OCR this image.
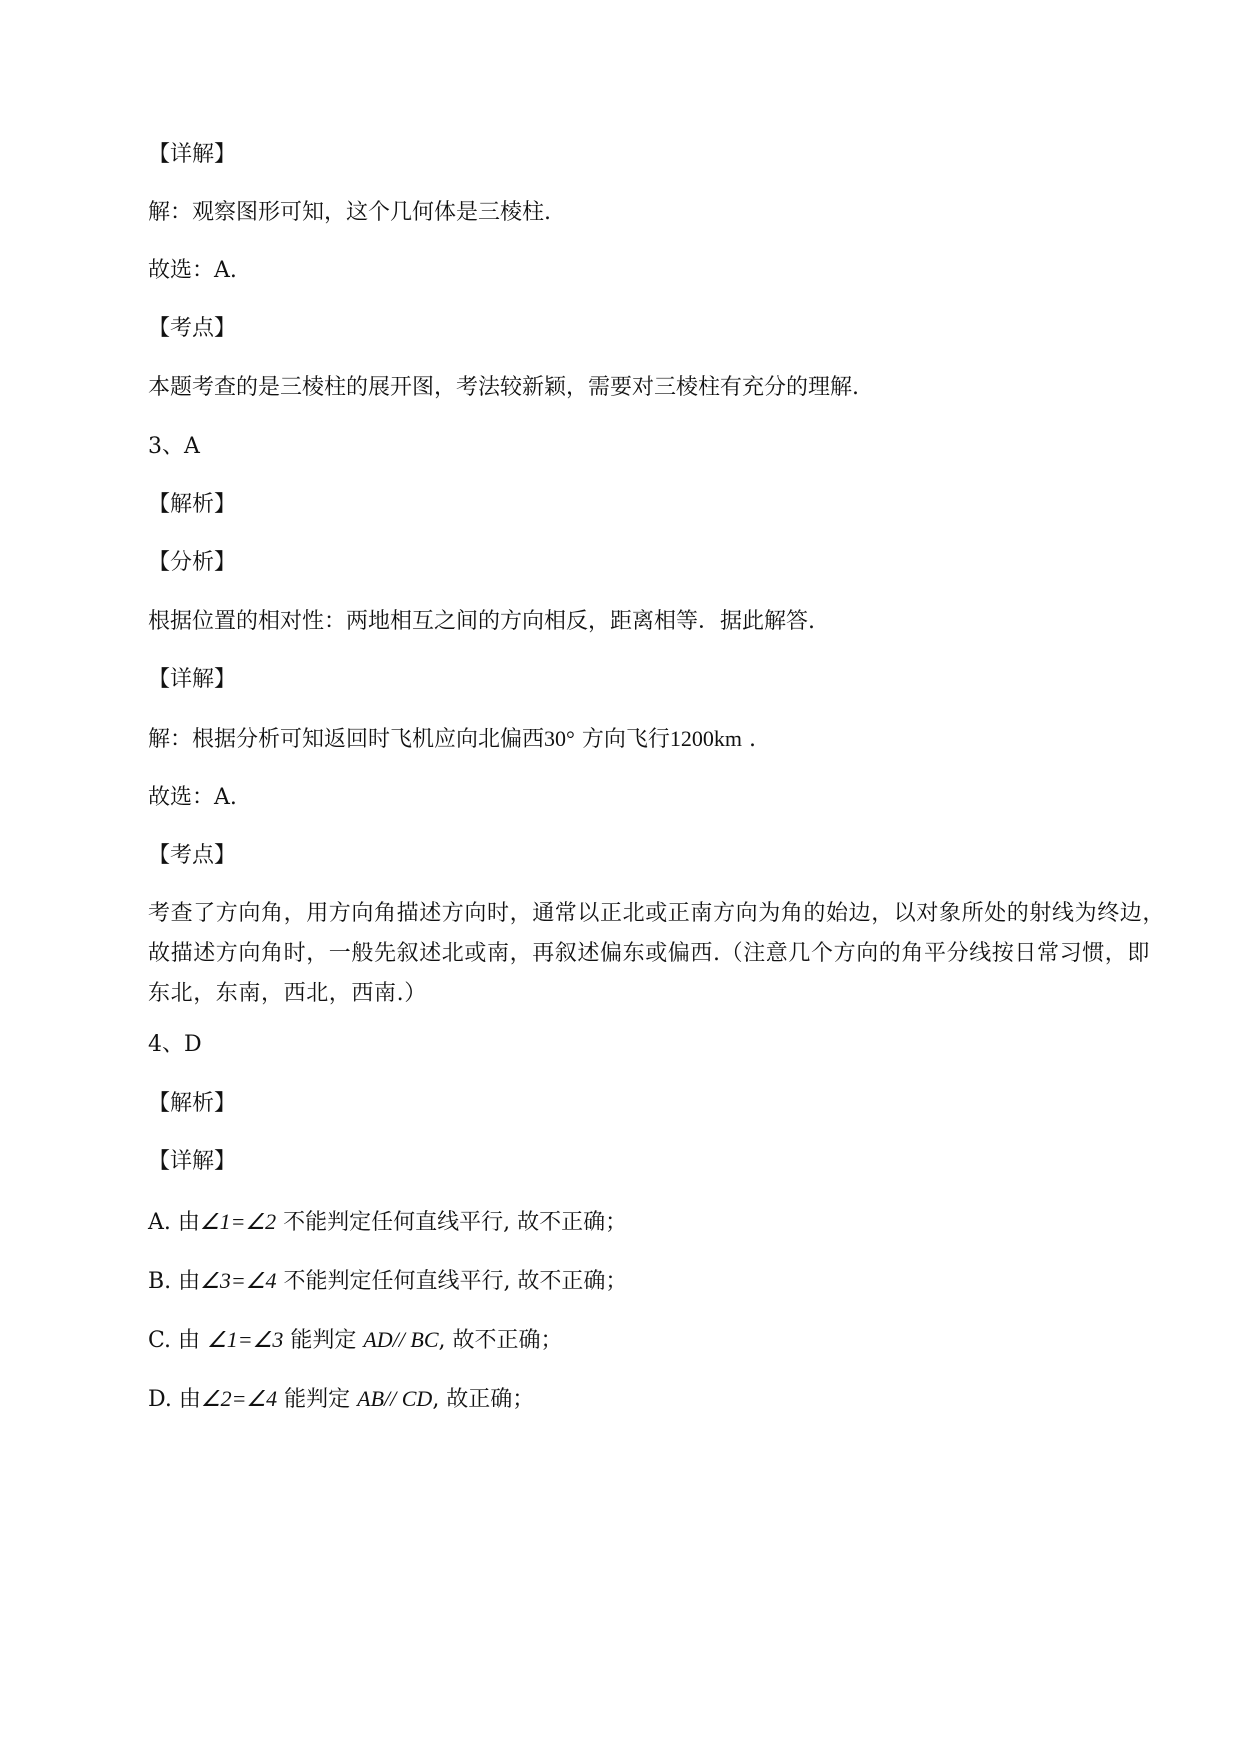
【详解】
解：观察图形可知，这个几何体是三棱柱.
故选：A.
【考点】
本题考查的是三棱柱的展开图，考法较新颖，需要对三棱柱有充分的理解.
3、A
【解析】
【分析】
根据位置的相对性：两地相互之间的方向相反，距离相等．据此解答.
【详解】
解：根据分析可知返回时飞机应向北偏西30° 方向飞行1200km .
故选：A.
【考点】
考查了方向角，用方向角描述方向时，通常以正北或正南方向为角的始边，以对象所处的射线为终边，
故描述方向角时，一般先叙述北或南，再叙述偏东或偏西.（注意几个方向的角平分线按日常习惯，即
东北，东南，西北，西南.）
4、D
【解析】
【详解】
A. 由∠1=∠2 不能判定任何直线平行, 故不正确；
B. 由∠3=∠4 不能判定任何直线平行, 故不正确；
C. 由 ∠1=∠3 能判定 AD// BC, 故不正确；
D. 由∠2=∠4 能判定 AB// CD, 故正确；
